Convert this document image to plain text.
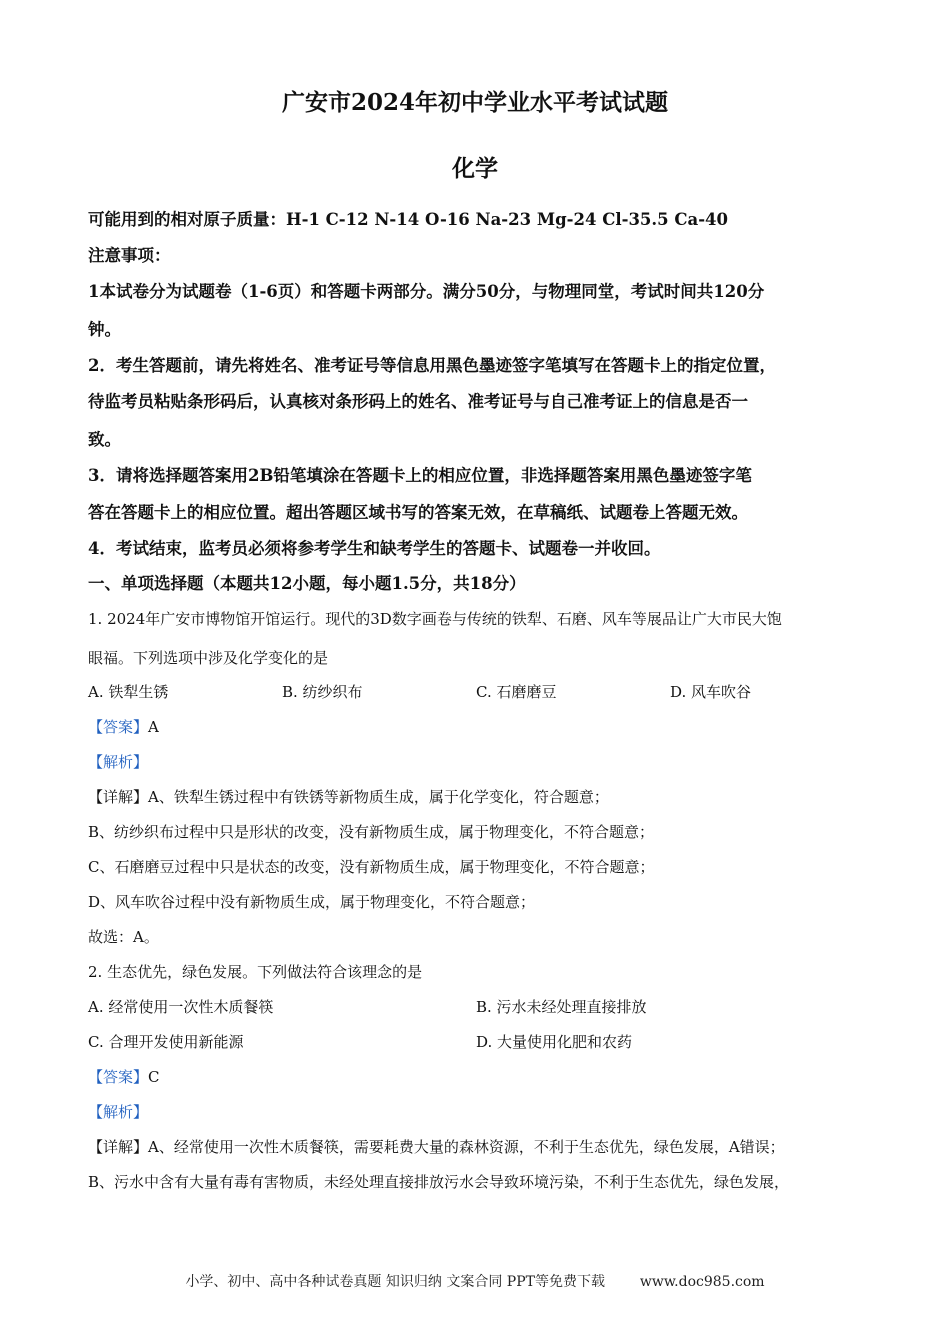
广安市2024年初中学业水平考试试题
化学
可能用到的相对原子质量：H-1 C-12 N-14 O-16 Na-23 Mg-24 Cl-35.5 Ca-40
注意事项：
1本试卷分为试题卷（1-6页）和答题卡两部分。满分50分，与物理同堂，考试时间共120分
钟。
2．考生答题前，请先将姓名、准考证号等信息用黑色墨迹签字笔填写在答题卡上的指定位置，
待监考员粘贴条形码后，认真核对条形码上的姓名、准考证号与自己准考证上的信息是否一
致。
3．请将选择题答案用2B铅笔填涂在答题卡上的相应位置，非选择题答案用黑色墨迹签字笔
答在答题卡上的相应位置。超出答题区域书写的答案无效，在草稿纸、试题卷上答题无效。
4．考试结束，监考员必须将参考学生和缺考学生的答题卡、试题卷一并收回。
一、单项选择题（本题共12小题，每小题1.5分，共18分）
1. 2024年广安市博物馆开馆运行。现代的3D数字画卷与传统的铁犁、石磨、风车等展品让广大市民大饱
眼福。下列选项中涉及化学变化的是
A. 铁犁生锈	B. 纺纱织布	C. 石磨磨豆	D. 风车吹谷
【答案】A
【解析】
【详解】A、铁犁生锈过程中有铁锈等新物质生成，属于化学变化，符合题意；
B、纺纱织布过程中只是形状的改变，没有新物质生成，属于物理变化，不符合题意；
C、石磨磨豆过程中只是状态的改变，没有新物质生成，属于物理变化，不符合题意；
D、风车吹谷过程中没有新物质生成，属于物理变化，不符合题意；
故选：A。
2. 生态优先，绿色发展。下列做法符合该理念的是
A. 经常使用一次性木质餐筷	B. 污水未经处理直接排放
C. 合理开发使用新能源	D. 大量使用化肥和农药
【答案】C
【解析】
【详解】A、经常使用一次性木质餐筷，需要耗费大量的森林资源，不利于生态优先，绿色发展，A错误；
B、污水中含有大量有毒有害物质，未经处理直接排放污水会导致环境污染，不利于生态优先，绿色发展，
小学、初中、高中各种试卷真题 知识归纳 文案合同 PPT等免费下载 www.doc985.com
